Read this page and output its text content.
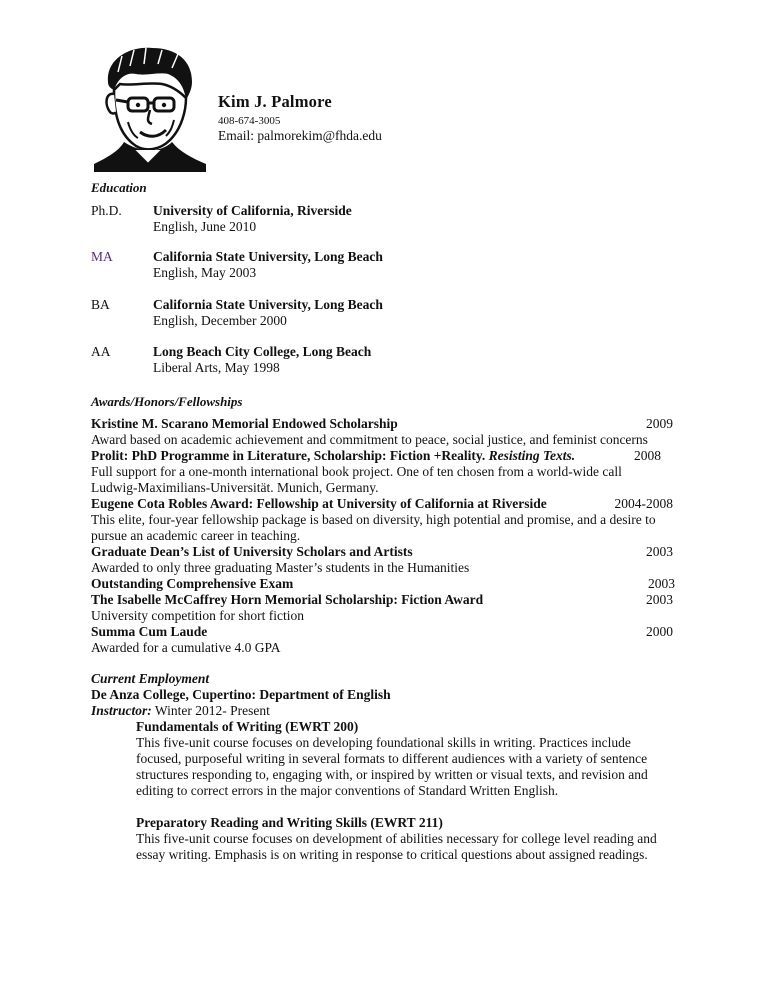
Kim J. Palmore
408-674-3005
Email: palmorekim@fhda.edu
Education
Ph.D. University of California, Riverside
English, June 2010
MA	California State University, Long Beach
English, May 2003
BA	California State University, Long Beach
English, December 2000
AA	Long Beach City College, Long Beach
Liberal Arts, May 1998
Awards/Honors/Fellowships
Kristine M. Scarano Memorial Endowed Scholarship	2009
Award based on academic achievement and commitment to peace, social justice, and feminist concerns
Prolit: PhD Programme in Literature, Scholarship: Fiction +Reality. Resisting Texts.	2008
Full support for a one-month international book project. One of ten chosen from a world-wide call
Ludwig-Maximilians-Universität. Munich, Germany.
Eugene Cota Robles Award: Fellowship at University of California at Riverside	2004-2008
This elite, four-year fellowship package is based on diversity, high potential and promise, and a desire to
pursue an academic career in teaching.
Graduate Dean’s List of University Scholars and Artists	2003
Awarded to only three graduating Master’s students in the Humanities
Outstanding Comprehensive Exam	2003
The Isabelle McCaffrey Horn Memorial Scholarship: Fiction Award	2003
University competition for short fiction
Summa Cum Laude	2000
Awarded for a cumulative 4.0 GPA
Current Employment
De Anza College, Cupertino: Department of English
Instructor: Winter 2012- Present
Fundamentals of Writing (EWRT 200)
This five-unit course focuses on developing foundational skills in writing. Practices include
focused, purposeful writing in several formats to different audiences with a variety of sentence
structures responding to, engaging with, or inspired by written or visual texts, and revision and
editing to correct errors in the major conventions of Standard Written English.
Preparatory Reading and Writing Skills (EWRT 211)
This five-unit course focuses on development of abilities necessary for college level reading and
essay writing. Emphasis is on writing in response to critical questions about assigned readings.
